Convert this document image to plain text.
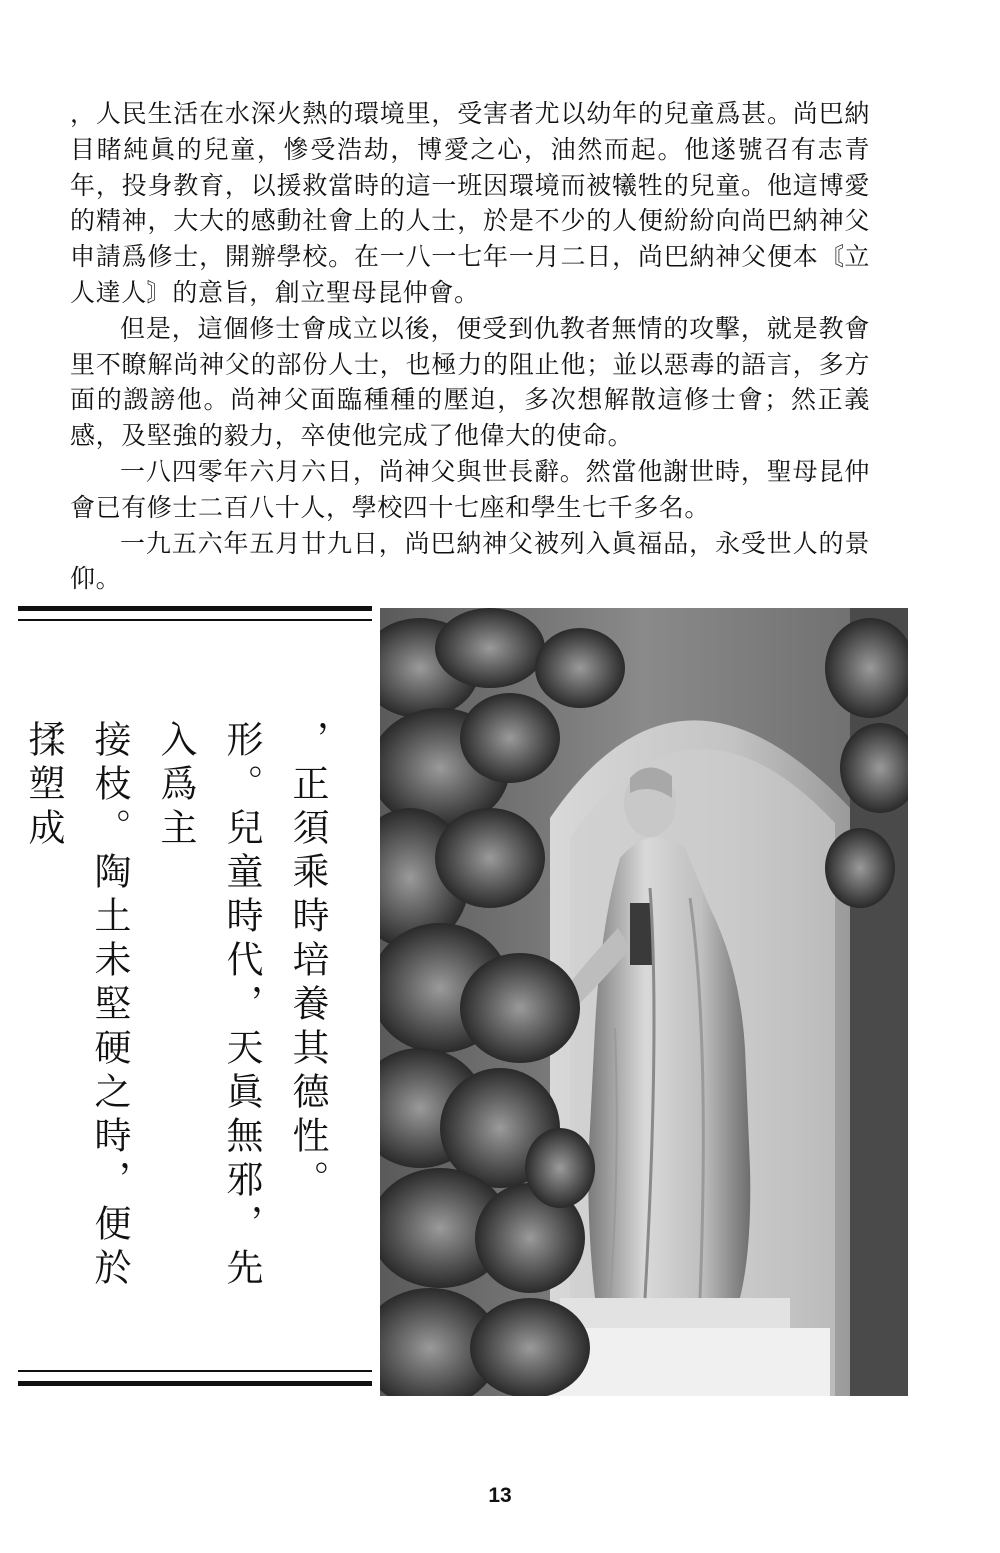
，人民生活在水深火熱的環境里，受害者尤以幼年的兒童爲甚。尚巴納目睹純眞的兒童，慘受浩劫，博愛之心，油然而起。他遂號召有志青年，投身教育，以援救當時的這一班因環境而被犧牲的兒童。他這博愛的精神，大大的感動社會上的人士，於是不少的人便紛紛向尚巴納神父申請爲修士，開辦學校。在一八一七年一月二日，尚巴納神父便本〘立人達人〙的意旨，創立聖母昆仲會。

但是，這個修士會成立以後，便受到仇教者無情的攻擊，就是教會里不瞭解尚神父的部份人士，也極力的阻止他；並以惡毒的語言，多方面的譭謗他。尚神父面臨種種的壓迫，多次想解散這修士會；然正義感，及堅強的毅力，卒使他完成了他偉大的使命。

一八四零年六月六日，尚神父與世長辭。然當他謝世時，聖母昆仲會已有修士二百八十人，學校四十七座和學生七千多名。

一九五六年五月廿九日，尚巴納神父被列入眞福品，永受世人的景仰。

，正須乘時培養其德性。
形。兒童時代，天眞無邪，先入爲主
接枝。陶土未堅硬之時，便於揉塑成
13
